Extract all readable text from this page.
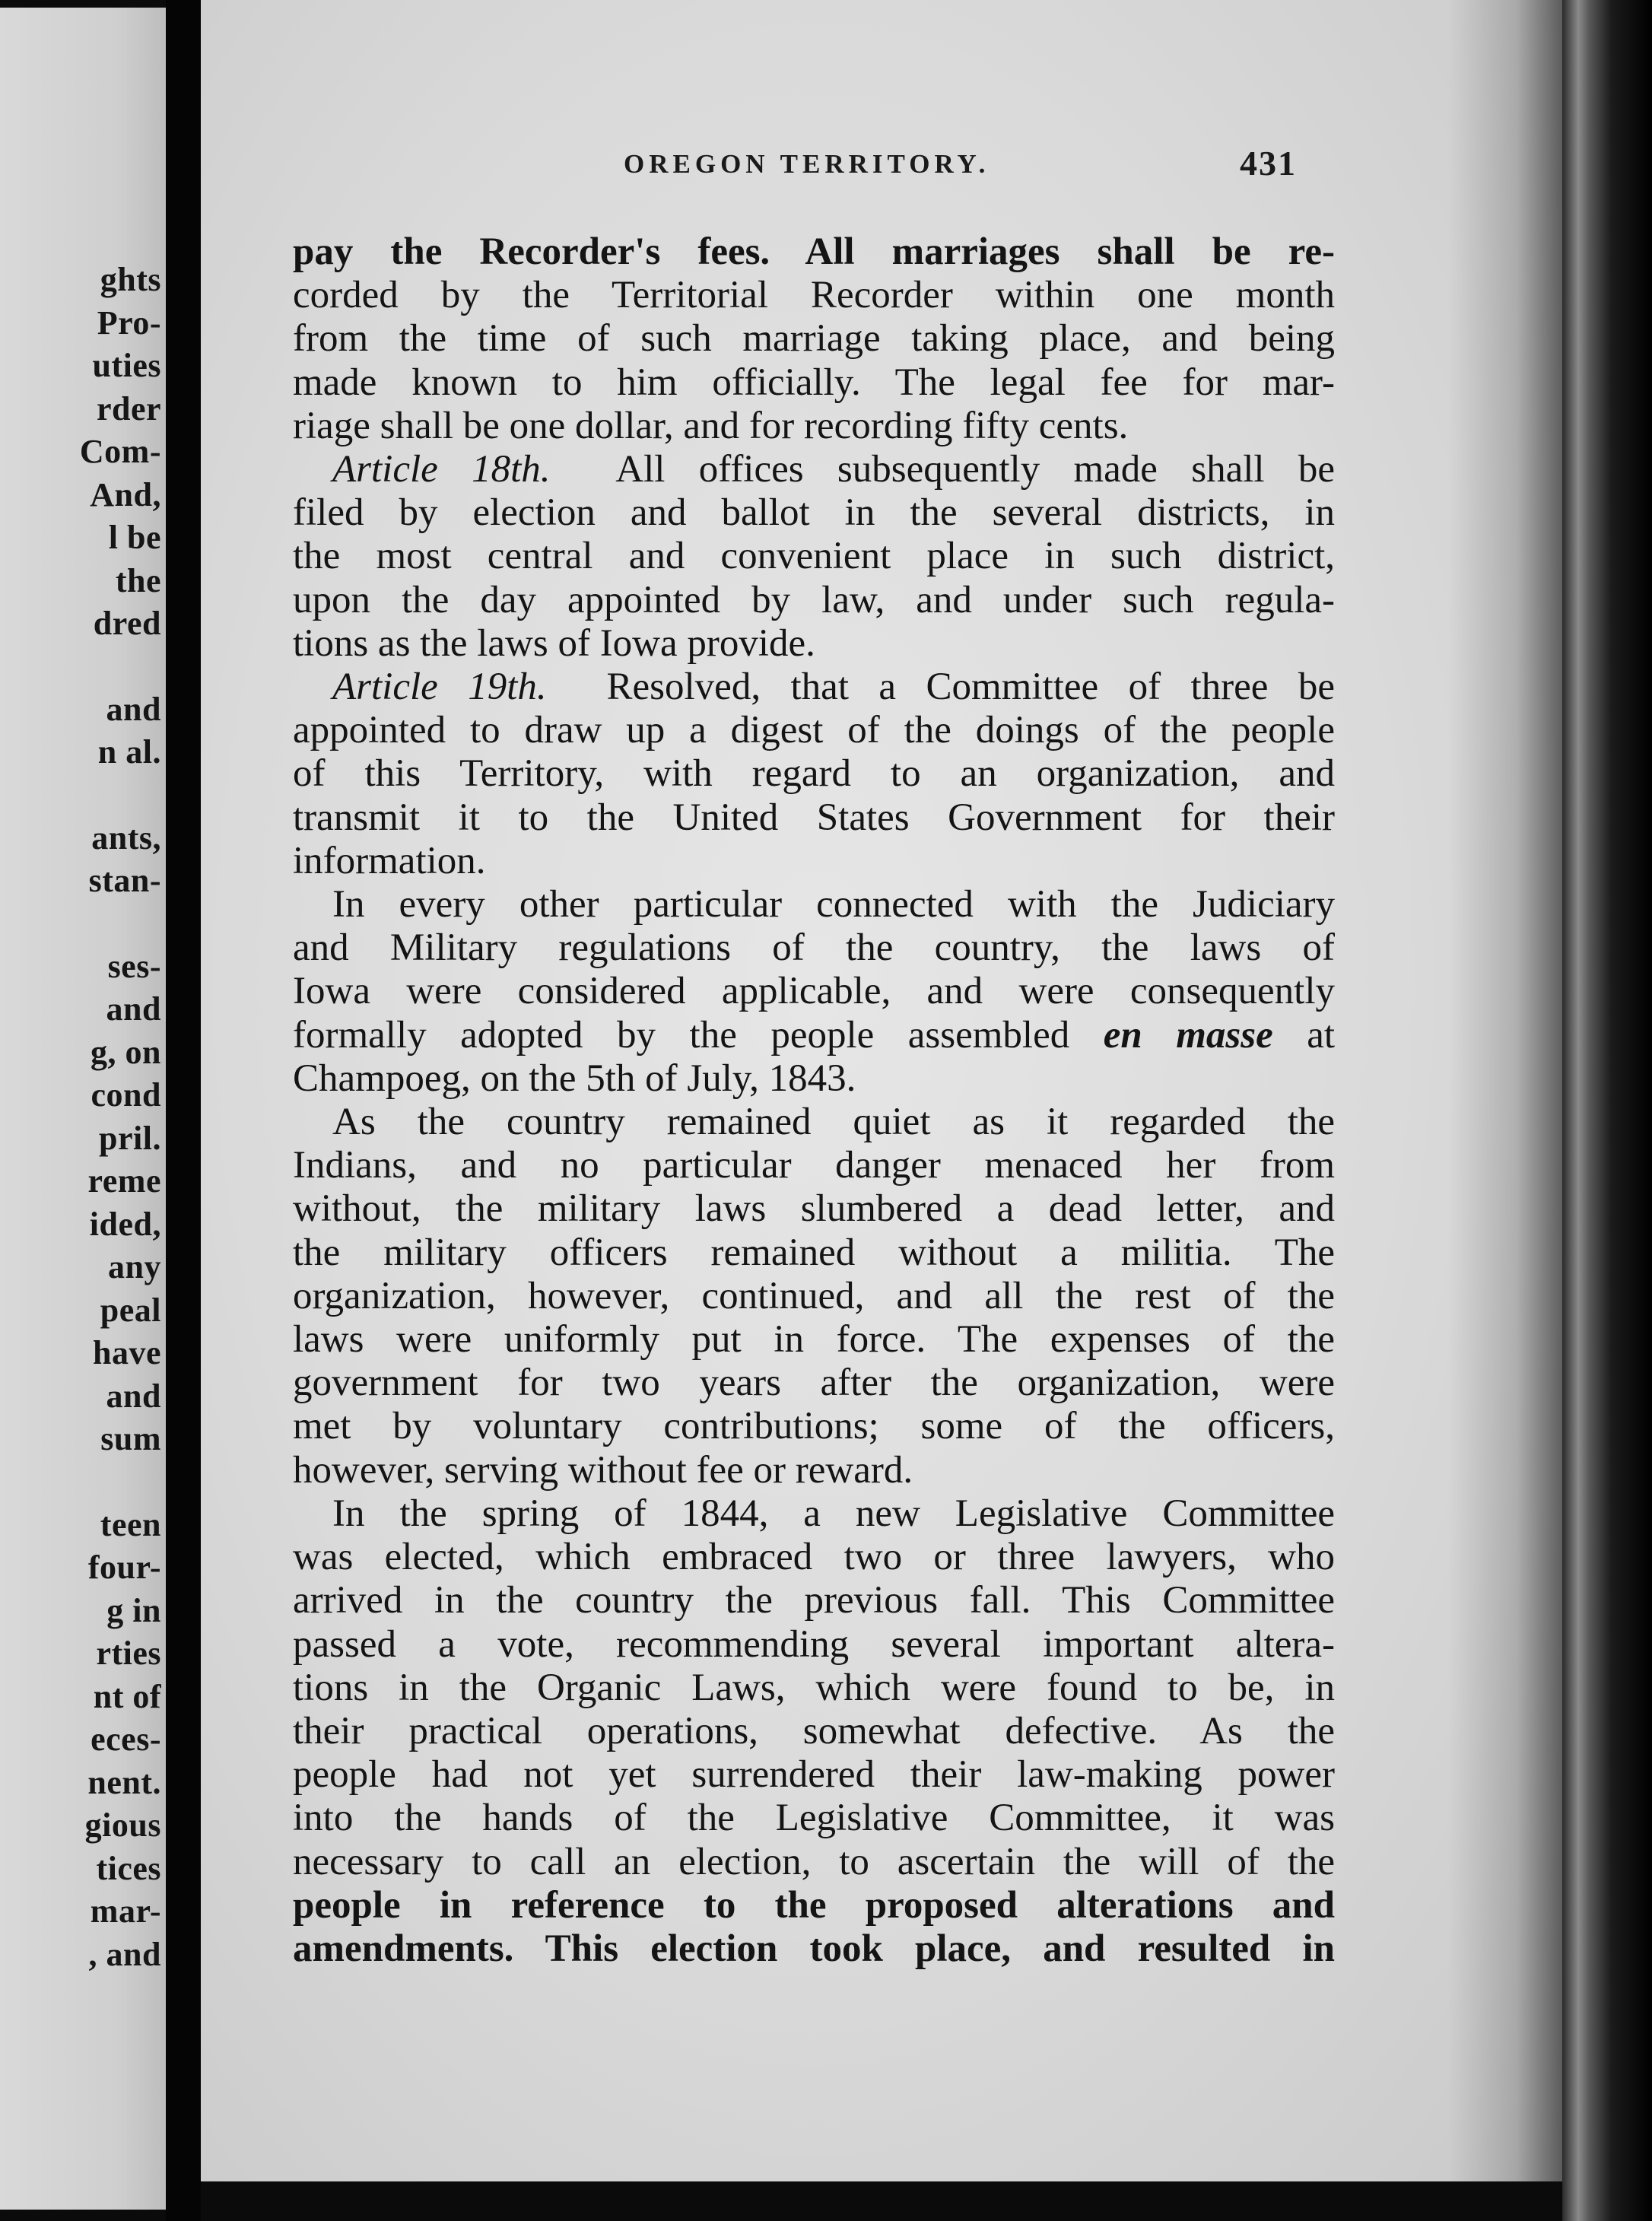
ghts
Pro-
uties
rder
Com-
And,
l be
the
dred
and
n al.
ants,
stan-
ses-
and
g, on
cond
pril.
reme
ided,
any
peal
have
and
sum
teen
four-
g in
rties
nt of
eces-
nent.
gious
tices
mar-
, and
OREGON TERRITORY.	431
pay the Recorder's fees. All marriages shall be re-
corded by the Territorial Recorder within one month
from the time of such marriage taking place, and being
made known to him officially. The legal fee for mar-
riage shall be one dollar, and for recording fifty cents.
Article 18th. All offices subsequently made shall be
filed by election and ballot in the several districts, in
the most central and convenient place in such district,
upon the day appointed by law, and under such regula-
tions as the laws of Iowa provide.
Article 19th. Resolved, that a Committee of three be
appointed to draw up a digest of the doings of the people
of this Territory, with regard to an organization, and
transmit it to the United States Government for their
information.
In every other particular connected with the Judiciary
and Military regulations of the country, the laws of
Iowa were considered applicable, and were consequently
formally adopted by the people assembled en masse at
Champoeg, on the 5th of July, 1843.
As the country remained quiet as it regarded the
Indians, and no particular danger menaced her from
without, the military laws slumbered a dead letter, and
the military officers remained without a militia. The
organization, however, continued, and all the rest of the
laws were uniformly put in force. The expenses of the
government for two years after the organization, were
met by voluntary contributions; some of the officers,
however, serving without fee or reward.
In the spring of 1844, a new Legislative Committee
was elected, which embraced two or three lawyers, who
arrived in the country the previous fall. This Committee
passed a vote, recommending several important altera-
tions in the Organic Laws, which were found to be, in
their practical operations, somewhat defective. As the
people had not yet surrendered their law-making power
into the hands of the Legislative Committee, it was
necessary to call an election, to ascertain the will of the
people in reference to the proposed alterations and
amendments. This election took place, and resulted in
